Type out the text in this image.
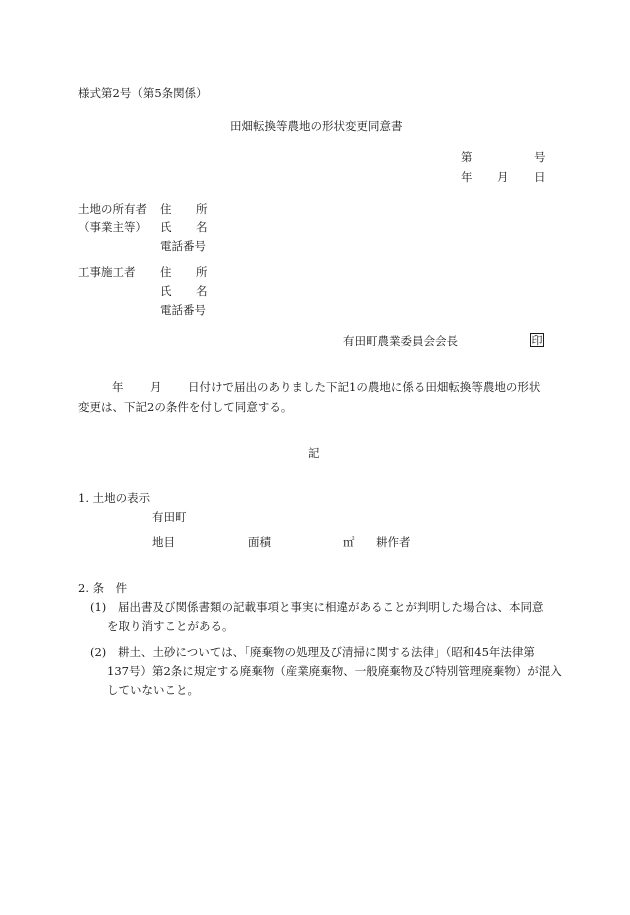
様式第2号（第5条関係）
田畑転換等農地の形状変更同意書
第	号
年 月 日
土地の所有者 住 所
（事業主等） 氏 名
電話番号
工事施工者 住 所
氏 名
電話番号
有田町農業委員会会長	印
年 月 日付けで届出のありました下記1の農地に係る田畑転換等農地の形状
変更は、下記2の条件を付して同意する。
記
1. 土地の表示
有田町
地目	面積	㎡ 耕作者
2. 条　件
(1) 届出書及び関係書類の記載事項と事実に相違があることが判明した場合は、本同意
を取り消すことがある。
(2) 耕土、土砂については、「廃棄物の処理及び清掃に関する法律」（昭和45年法律第
137号）第2条に規定する廃棄物（産業廃棄物、一般廃棄物及び特別管理廃棄物）が混入
していないこと。
